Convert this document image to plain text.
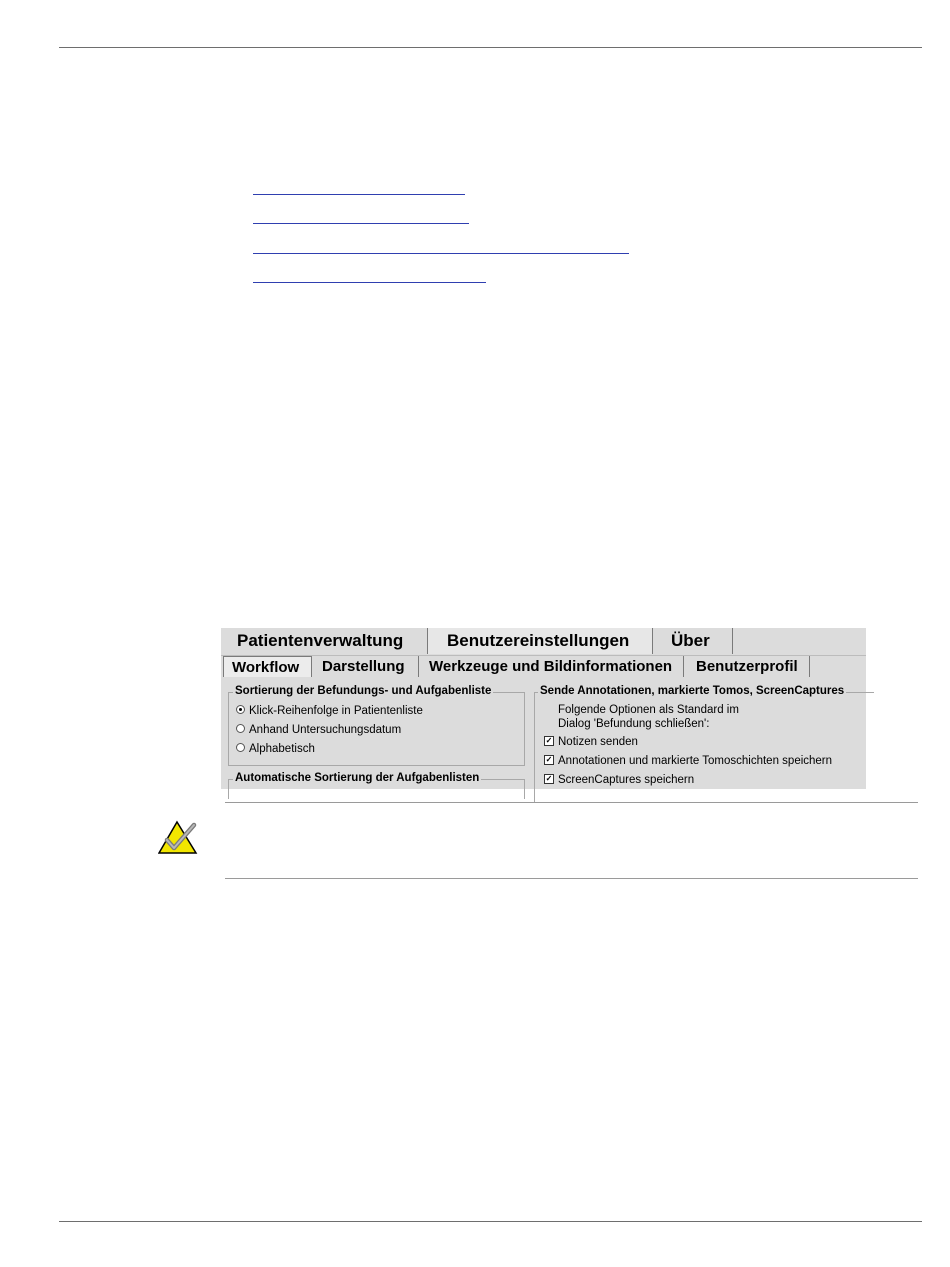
Patientenverwaltung	Benutzereinstellungen	Über
Workflow	Darstellung	Werkzeuge und Bildinformationen	Benutzerprofil
Sortierung der Befundungs- und Aufgabenliste
Klick-Reihenfolge in Patientenliste
Anhand Untersuchungsdatum
Alphabetisch
Automatische Sortierung der Aufgabenlisten
Sende Annotationen, markierte Tomos, ScreenCaptures
Folgende Optionen als Standard im
Dialog 'Befundung schließen':
✓ Notizen senden
✓ Annotationen und markierte Tomoschichten speichern
✓ ScreenCaptures speichern
